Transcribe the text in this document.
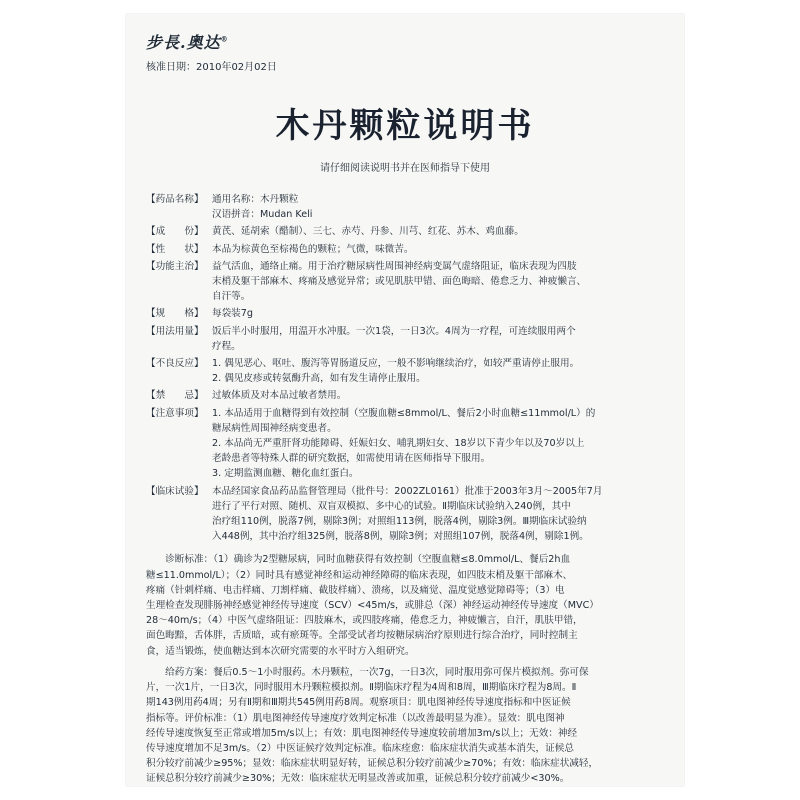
步長.奥达®
核准日期：2010年02月02日
木丹颗粒说明书
请仔细阅读说明书并在医师指导下使用
【药品名称】 通用名称：木丹颗粒
汉语拼音：Mudan Keli
【成　　份】 黄芪、延胡索（醋制）、三七、赤芍、丹参、川芎、红花、苏木、鸡血藤。
【性　　状】 本品为棕黄色至棕褐色的颗粒；气微，味微苦。
【功能主治】 益气活血，通络止痛。用于治疗糖尿病性周围神经病变属气虚络阻证，临床表现为四肢
末梢及躯干部麻木、疼痛及感觉异常；或见肌肤甲错、面色晦暗、倦怠乏力、神疲懒言、
自汗等。
【规　　格】 每袋装7g
【用法用量】 饭后半小时服用，用温开水冲服。一次1袋，一日3次。4周为一疗程，可连续服用两个
疗程。
【不良反应】 1. 偶见恶心、呕吐、腹泻等胃肠道反应，一般不影响继续治疗，如较严重请停止服用。
2. 偶见皮疹或转氨酶升高，如有发生请停止服用。
【禁　　忌】 过敏体质及对本品过敏者禁用。
【注意事项】 1. 本品适用于血糖得到有效控制（空腹血糖≤8mmol/L、餐后2小时血糖≤11mmol/L）的
糖尿病性周围神经病变患者。
2. 本品尚无严重肝肾功能障碍、妊娠妇女、哺乳期妇女、18岁以下青少年以及70岁以上
老龄患者等特殊人群的研究数据，如需使用请在医师指导下服用。
3. 定期监测血糖、糖化血红蛋白。
【临床试验】 本品经国家食品药品监督管理局（批件号：2002ZL0161）批准于2003年3月～2005年7月
进行了平行对照、随机、双盲双模拟、多中心的试验。Ⅱ期临床试验纳入240例，其中
治疗组110例，脱落7例，剔除3例；对照组113例，脱落4例，剔除3例。Ⅲ期临床试验纳
入448例，其中治疗组325例，脱落8例，剔除3例；对照组107例，脱落4例，剔除1例。
　　诊断标准：（1）确诊为2型糖尿病，同时血糖获得有效控制（空腹血糖≤8.0mmol/L、餐后2h血
糖≤11.0mmol/L）；（2）同时具有感觉神经和运动神经障碍的临床表现，如四肢末梢及躯干部麻木、
疼痛（针刺样痛、电击样痛、刀割样痛、截肢样痛）、溃疡，以及痛觉、温度觉感觉障碍等；（3）电
生理检查发现腓肠神经感觉神经传导速度（SCV）<45m/s，或腓总（深）神经运动神经传导速度（MVC）
28～40m/s；（4）中医气虚络阻证：四肢麻木，或四肢疼痛，倦怠乏力，神疲懒言，自汗，肌肤甲错，
面色晦黯，舌体胖，舌质暗，或有瘀斑等。全部受试者均按糖尿病治疗原则进行综合治疗，同时控制主
食，适当锻炼，使血糖达到本次研究需要的水平时方入组研究。
　　给药方案：餐后0.5～1小时服药。木丹颗粒，一次7g，一日3次，同时服用弥可保片模拟剂。弥可保
片，一次1片，一日3次，同时服用木丹颗粒模拟剂。Ⅱ期临床疗程为4周和8周，Ⅲ期临床疗程为8周。Ⅱ
期143例用药4周；另有Ⅱ期和Ⅲ期共545例用药8周。观察项目：肌电图神经传导速度指标和中医证候
指标等。评价标准：（1）肌电图神经传导速度疗效判定标准（以改善最明显为准）。显效：肌电图神
经传导速度恢复至正常或增加5m/s以上；有效：肌电图神经传导速度较前增加3m/s以上；无效：神经
传导速度增加不足3m/s。（2）中医证候疗效判定标准。临床痊愈：临床症状消失或基本消失，证候总
积分较疗前减少≥95%；显效：临床症状明显好转，证候总积分较疗前减少≥70%；有效：临床症状减轻，
证候总积分较疗前减少≥30%；无效：临床症状无明显改善或加重，证候总积分较疗前减少<30%。
